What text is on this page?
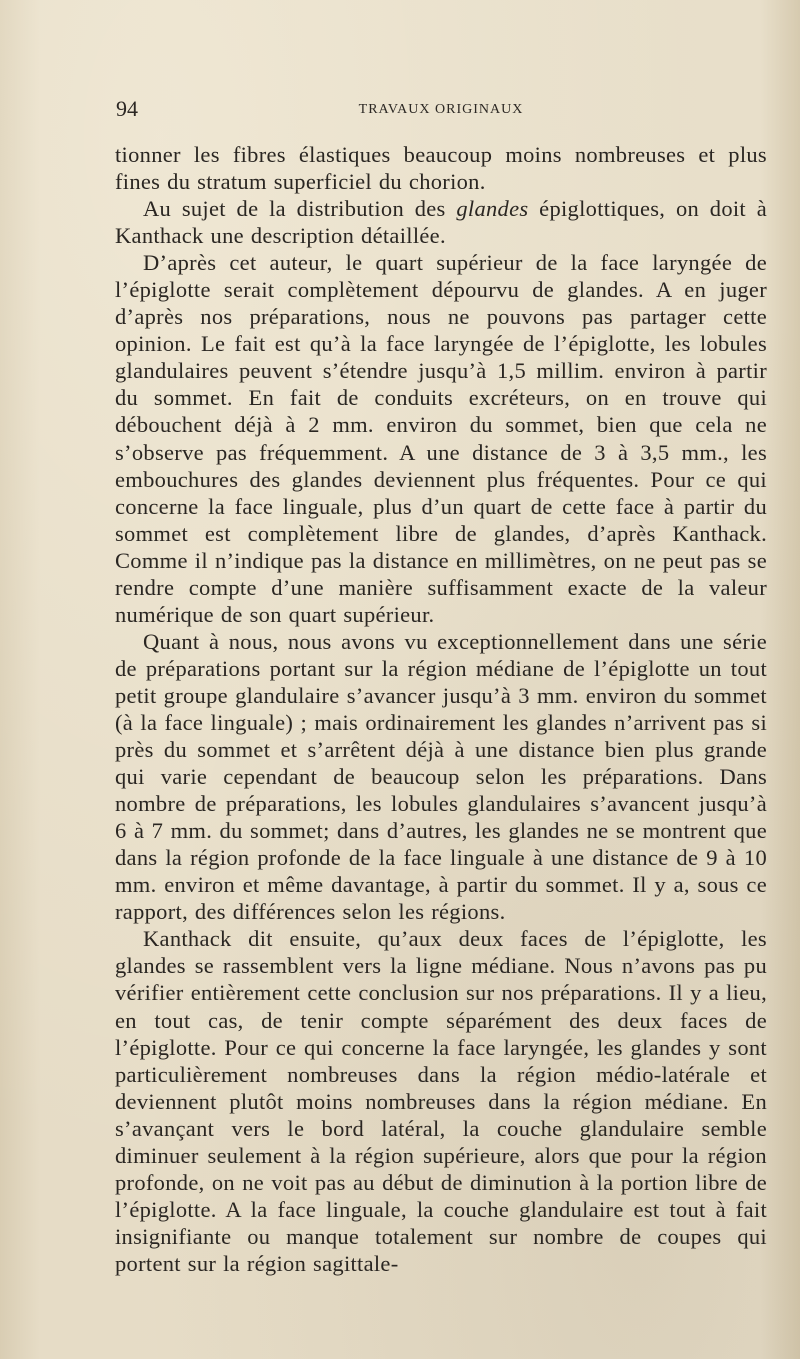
94	TRAVAUX ORIGINAUX

tionner les fibres élastiques beaucoup moins nombreuses et plus fines du stratum superficiel du chorion.

Au sujet de la distribution des glandes épiglottiques, on doit à Kanthack une description détaillée.

D’après cet auteur, le quart supérieur de la face laryngée de l’épiglotte serait complètement dépourvu de glandes. A en juger d’après nos préparations, nous ne pouvons pas partager cette opinion. Le fait est qu’à la face laryngée de l’épiglotte, les lobules glandulaires peuvent s’étendre jusqu’à 1,5 millim. environ à partir du sommet. En fait de conduits excréteurs, on en trouve qui débouchent déjà à 2 mm. environ du sommet, bien que cela ne s’observe pas fréquemment. A une distance de 3 à 3,5 mm., les embouchures des glandes deviennent plus fréquentes. Pour ce qui concerne la face linguale, plus d’un quart de cette face à partir du sommet est complètement libre de glandes, d’après Kanthack. Comme il n’indique pas la distance en millimètres, on ne peut pas se rendre compte d’une manière suffisamment exacte de la valeur numérique de son quart supérieur.

Quant à nous, nous avons vu exceptionnellement dans une série de préparations portant sur la région médiane de l’épiglotte un tout petit groupe glandulaire s’avancer jusqu’à 3 mm. environ du sommet (à la face linguale) ; mais ordinairement les glandes n’arrivent pas si près du sommet et s’arrêtent déjà à une distance bien plus grande qui varie cependant de beaucoup selon les préparations. Dans nombre de préparations, les lobules glandulaires s’avancent jusqu’à 6 à 7 mm. du sommet; dans d’autres, les glandes ne se montrent que dans la région profonde de la face linguale à une distance de 9 à 10 mm. environ et même davantage, à partir du sommet. Il y a, sous ce rapport, des différences selon les régions.

Kanthack dit ensuite, qu’aux deux faces de l’épiglotte, les glandes se rassemblent vers la ligne médiane. Nous n’avons pas pu vérifier entièrement cette conclusion sur nos préparations. Il y a lieu, en tout cas, de tenir compte séparément des deux faces de l’épiglotte. Pour ce qui concerne la face laryngée, les glandes y sont particulièrement nombreuses dans la région médio-latérale et deviennent plutôt moins nombreuses dans la région médiane. En s’avançant vers le bord latéral, la couche glandulaire semble diminuer seulement à la région supérieure, alors que pour la région profonde, on ne voit pas au début de diminution à la portion libre de l’épiglotte. A la face linguale, la couche glandulaire est tout à fait insignifiante ou manque totalement sur nombre de coupes qui portent sur la région sagittale-
